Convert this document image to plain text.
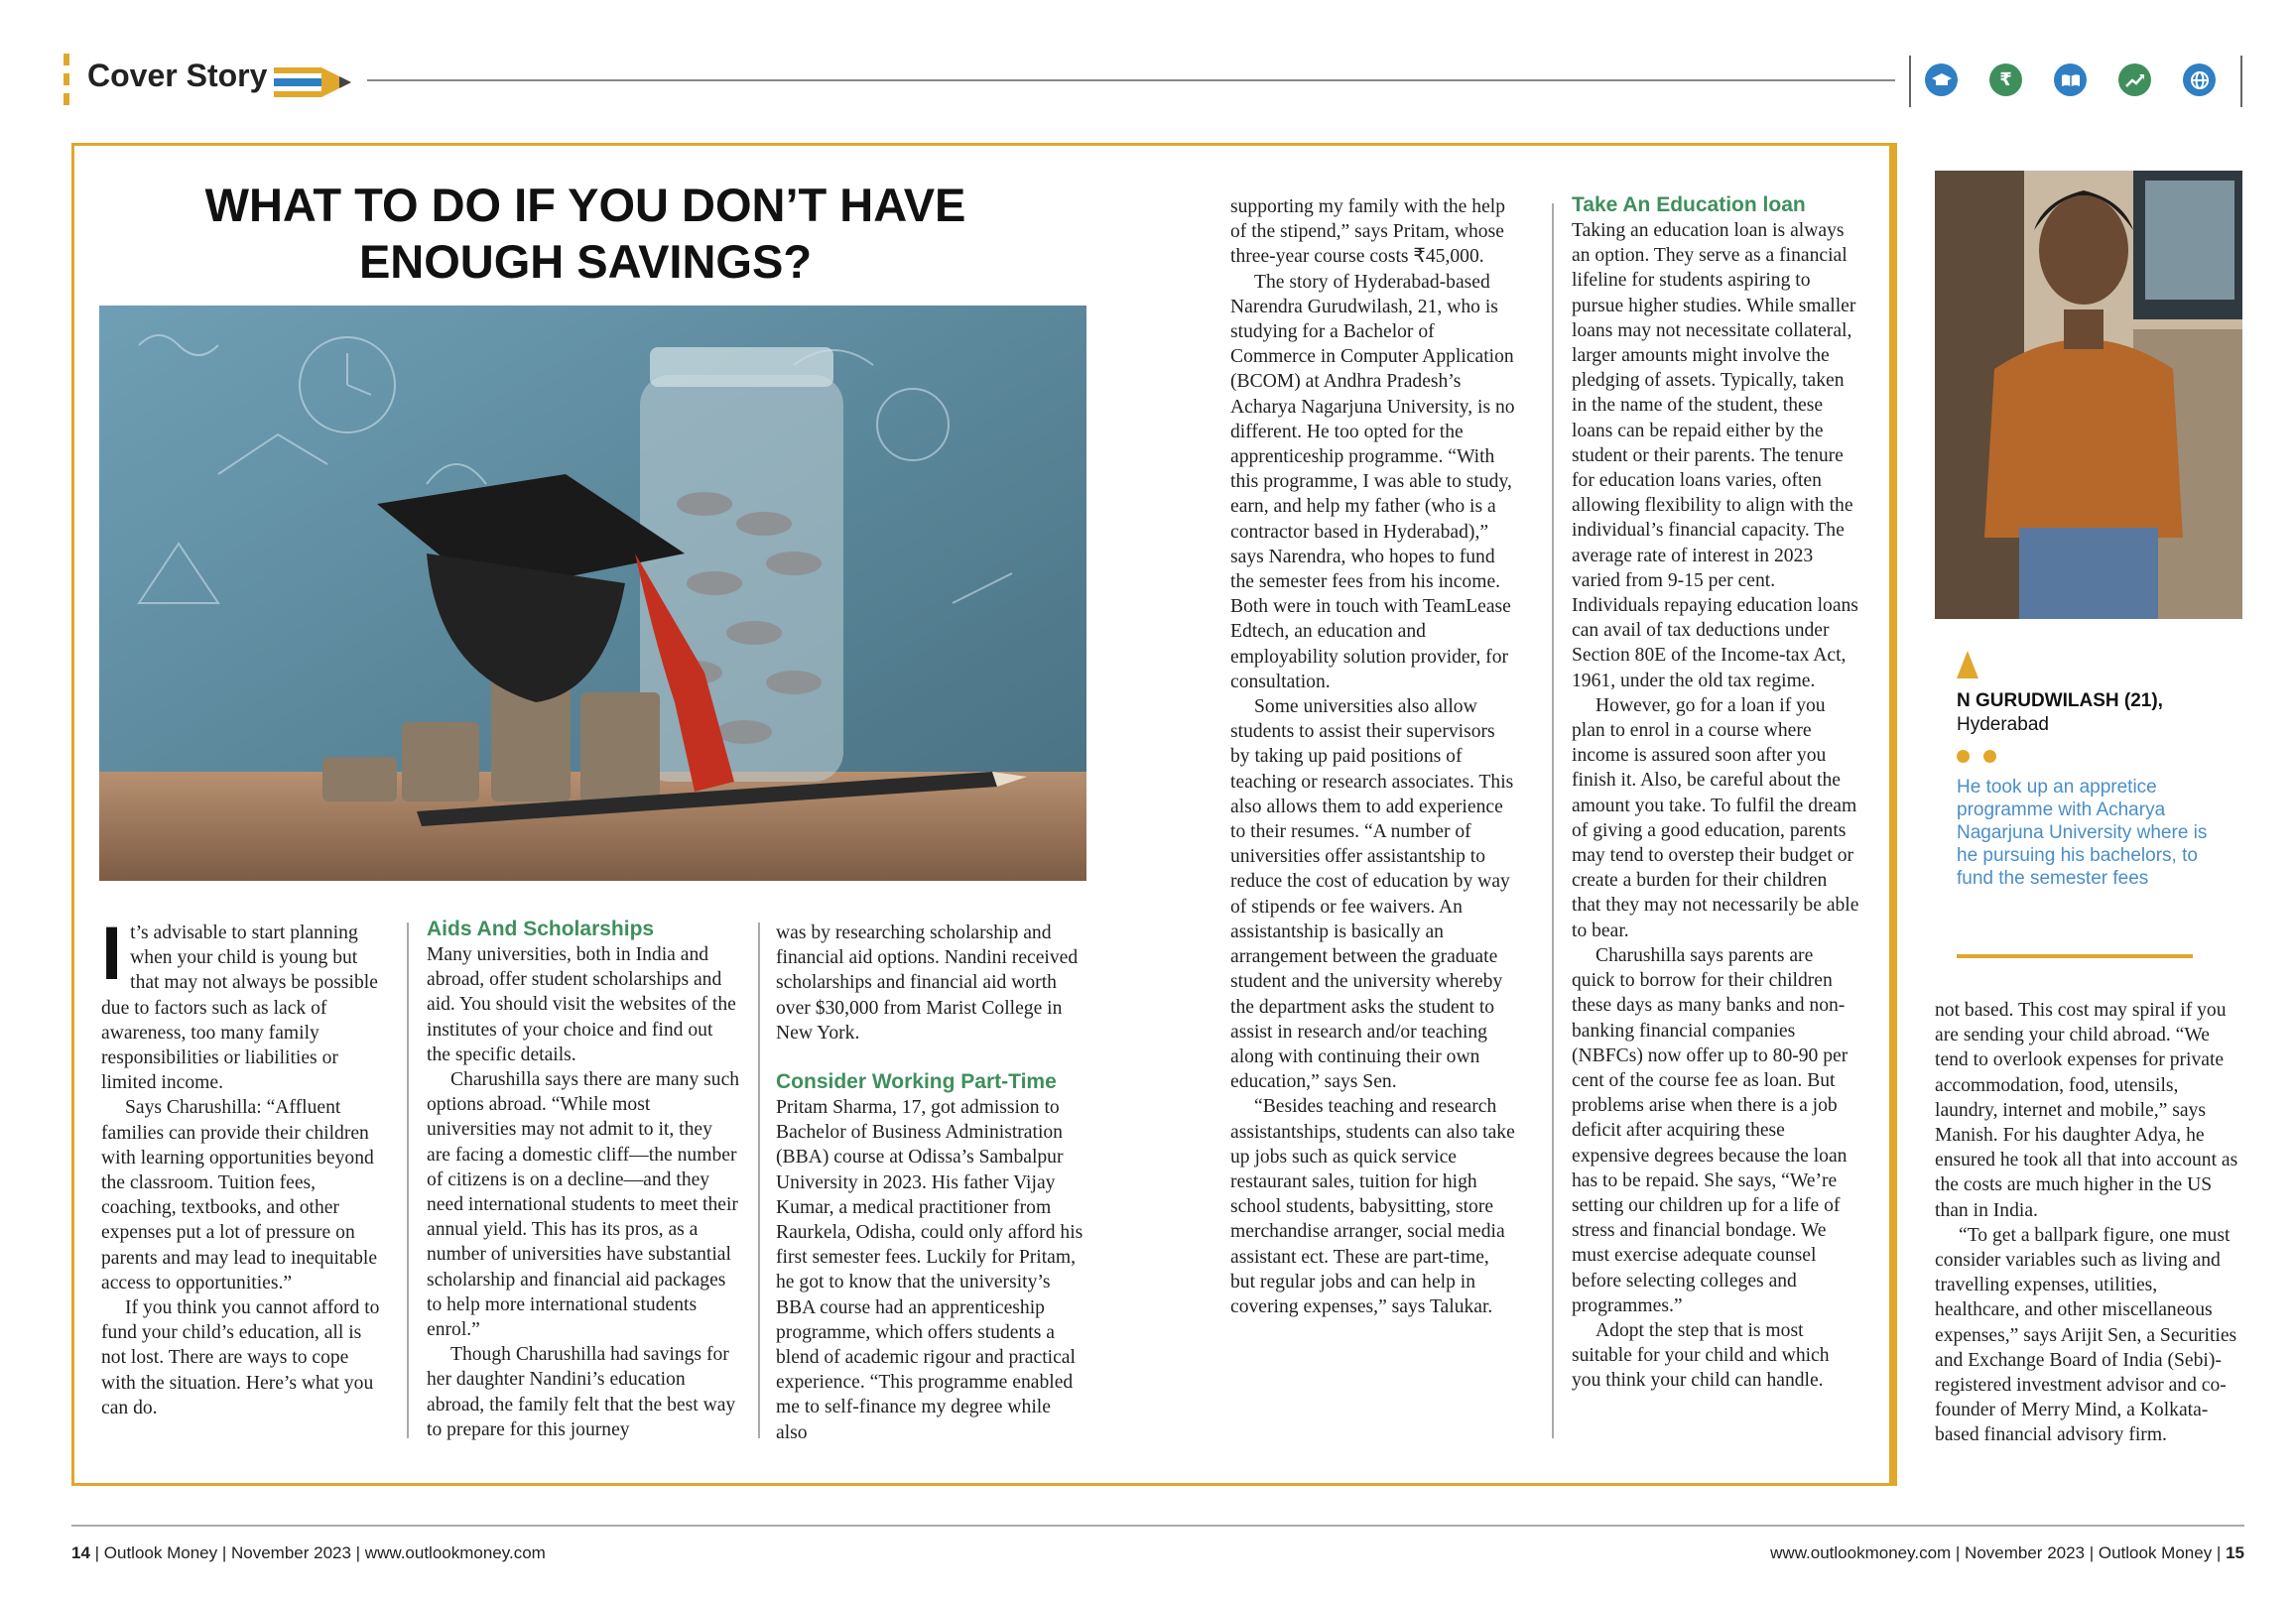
Cover Story	₹
WHAT TO DO IF YOU DON’T HAVE ENOUGH SAVINGS?
I t’s advisable to start planning when your child is young but that may not always be possible due to factors such as lack of awareness, too many family responsibilities or liabilities or limited income.

Says Charushilla: “Affluent families can provide their children with learning opportunities beyond the classroom. Tuition fees, coaching, textbooks, and other expenses put a lot of pressure on parents and may lead to inequitable access to opportunities.”

If you think you cannot afford to fund your child’s education, all is not lost. There are ways to cope with the situation. Here’s what you can do.

Aids And Scholarships

Many universities, both in India and abroad, offer student scholarships and aid. You should visit the websites of the institutes of your choice and find out the specific details.

Charushilla says there are many such options abroad. “While most universities may not admit to it, they are facing a domestic cliff—the number of citizens is on a decline—and they need international students to meet their annual yield. This has its pros, as a number of universities have substantial scholarship and financial aid packages to help more international students enrol.”

Though Charushilla had savings for her daughter Nandini’s education abroad, the family felt that the best way to prepare for this journey

was by researching scholarship and financial aid options. Nandini received scholarships and financial aid worth over $30,000 from Marist College in New York.

Consider Working Part-Time

Pritam Sharma, 17, got admission to Bachelor of Business Administration (BBA) course at Odissa’s Sambalpur University in 2023. His father Vijay Kumar, a medical practitioner from Raurkela, Odisha, could only afford his first semester fees. Luckily for Pritam, he got to know that the university’s BBA course had an apprenticeship programme, which offers students a blend of academic rigour and practical experience. “This programme enabled me to self-finance my degree while also

supporting my family with the help of the stipend,” says Pritam, whose three-year course costs ₹45,000.

The story of Hyderabad-based Narendra Gurudwilash, 21, who is studying for a Bachelor of Commerce in Computer Application (BCOM) at Andhra Pradesh’s Acharya Nagarjuna University, is no different. He too opted for the apprenticeship programme. “With this programme, I was able to study, earn, and help my father (who is a contractor based in Hyderabad),” says Narendra, who hopes to fund the semester fees from his income. Both were in touch with TeamLease Edtech, an education and employability solution provider, for consultation.

Some universities also allow students to assist their supervisors by taking up paid positions of teaching or research associates. This also allows them to add experience to their resumes. “A number of universities offer assistantship to reduce the cost of education by way of stipends or fee waivers. An assistantship is basically an arrangement between the graduate student and the university whereby the department asks the student to assist in research and/or teaching along with continuing their own education,” says Sen.

“Besides teaching and research assistantships, students can also take up jobs such as quick service restaurant sales, tuition for high school students, babysitting, store merchandise arranger, social media assistant ect. These are part-time, but regular jobs and can help in covering expenses,” says Talukar.

Take An Education loan

Taking an education loan is always an option. They serve as a financial lifeline for students aspiring to pursue higher studies. While smaller loans may not necessitate collateral, larger amounts might involve the pledging of assets. Typically, taken in the name of the student, these loans can be repaid either by the student or their parents. The tenure for education loans varies, often allowing flexibility to align with the individual’s financial capacity. The average rate of interest in 2023 varied from 9-15 per cent. Individuals repaying education loans can avail of tax deductions under Section 80E of the Income-tax Act, 1961, under the old tax regime.

However, go for a loan if you plan to enrol in a course where income is assured soon after you finish it. Also, be careful about the amount you take. To fulfil the dream of giving a good education, parents may tend to overstep their budget or create a burden for their children that they may not necessarily be able to bear.

Charushilla says parents are quick to borrow for their children these days as many banks and non-banking financial companies (NBFCs) now offer up to 80-90 per cent of the course fee as loan. But problems arise when there is a job deficit after acquiring these expensive degrees because the loan has to be repaid. She says, “We’re setting our children up for a life of stress and financial bondage. We must exercise adequate counsel before selecting colleges and programmes.”

Adopt the step that is most suitable for your child and which you think your child can handle.

N GURUDWILASH (21),
Hyderabad
He took up an appretice programme with Acharya Nagarjuna University where is he pursuing his bachelors, to fund the semester fees

not based. This cost may spiral if you are sending your child abroad. “We tend to overlook expenses for private accommodation, food, utensils, laundry, internet and mobile,” says Manish. For his daughter Adya, he ensured he took all that into account as the costs are much higher in the US than in India.

“To get a ballpark figure, one must consider variables such as living and travelling expenses, utilities, healthcare, and other miscellaneous expenses,” says Arijit Sen, a Securities and Exchange Board of India (Sebi)-registered investment advisor and co-founder of Merry Mind, a Kolkata-based financial advisory firm.

14 | Outlook Money | November 2023 | www.outlookmoney.com	www.outlookmoney.com | November 2023 | Outlook Money | 15
